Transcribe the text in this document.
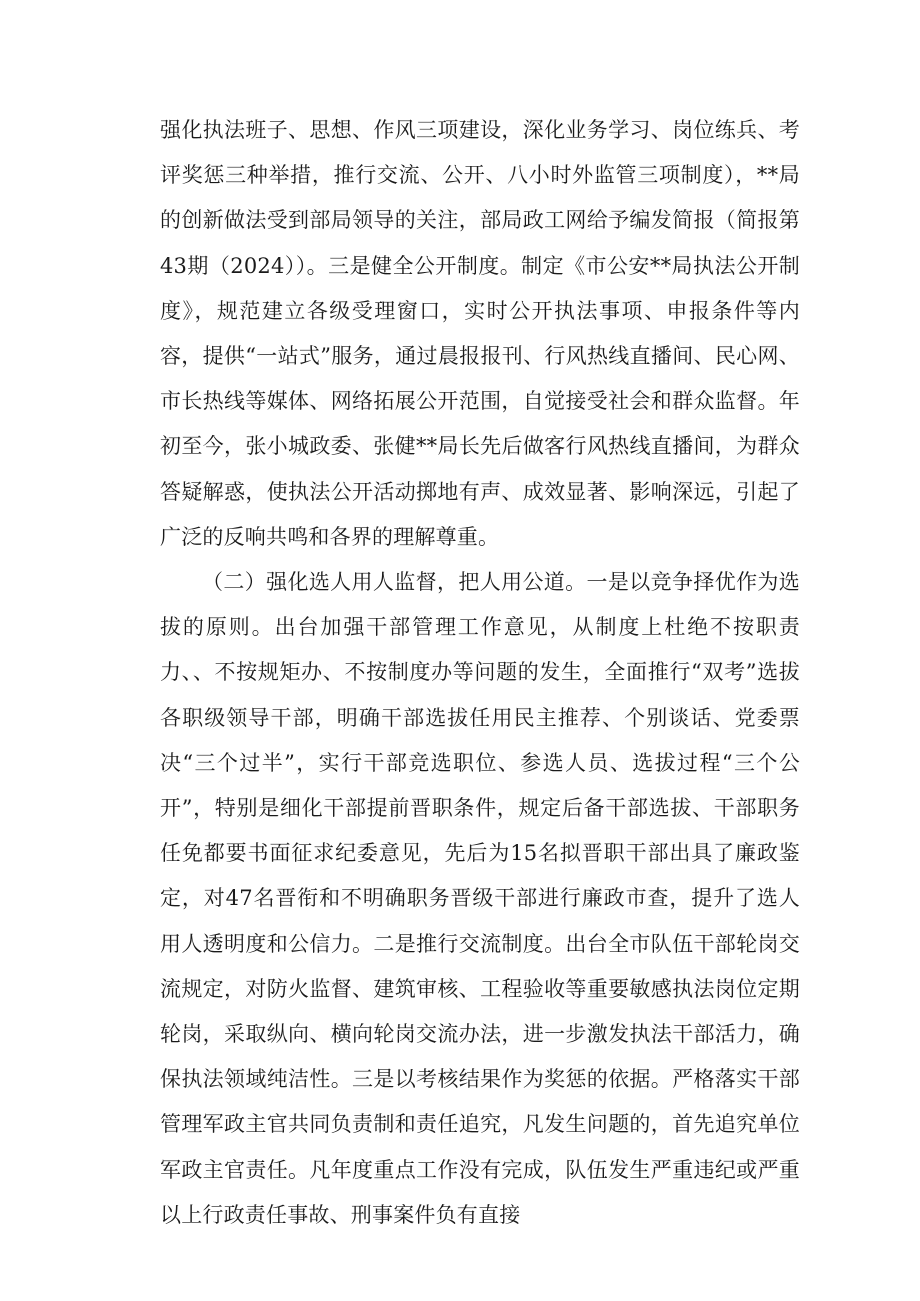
强化执法班子、思想、作风三项建设，深化业务学习、岗位练兵、考评奖惩三种举措，推行交流、公开、八小时外监管三项制度），**局的创新做法受到部局领导的关注，部局政工网给予编发简报（简报第43期（2024））。三是健全公开制度。制定《市公安**局执法公开制度》，规范建立各级受理窗口，实时公开执法事项、申报条件等内容，提供“一站式”服务，通过晨报报刊、行风热线直播间、民心网、市长热线等媒体、网络拓展公开范围，自觉接受社会和群众监督。年初至今，张小城政委、张健**局长先后做客行风热线直播间，为群众答疑解惑，使执法公开活动掷地有声、成效显著、影响深远，引起了广泛的反响共鸣和各界的理解尊重。

（二）强化选人用人监督，把人用公道。一是以竞争择优作为选拔的原则。出台加强干部管理工作意见，从制度上杜绝不按职责力、、不按规矩办、不按制度办等问题的发生，全面推行“双考”选拔各职级领导干部，明确干部选拔任用民主推荐、个别谈话、党委票决“三个过半”，实行干部竞选职位、参选人员、选拔过程“三个公开”，特别是细化干部提前晋职条件，规定后备干部选拔、干部职务任免都要书面征求纪委意见，先后为15名拟晋职干部出具了廉政鉴定，对47名晋衔和不明确职务晋级干部进行廉政市查，提升了选人用人透明度和公信力。二是推行交流制度。出台全市队伍干部轮岗交流规定，对防火监督、建筑审核、工程验收等重要敏感执法岗位定期轮岗，采取纵向、横向轮岗交流办法，进一步激发执法干部活力，确保执法领域纯洁性。三是以考核结果作为奖惩的依据。严格落实干部管理军政主官共同负责制和责任追究，凡发生问题的，首先追究单位军政主官责任。凡年度重点工作没有完成，队伍发生严重违纪或严重以上行政责任事故、刑事案件负有直接
